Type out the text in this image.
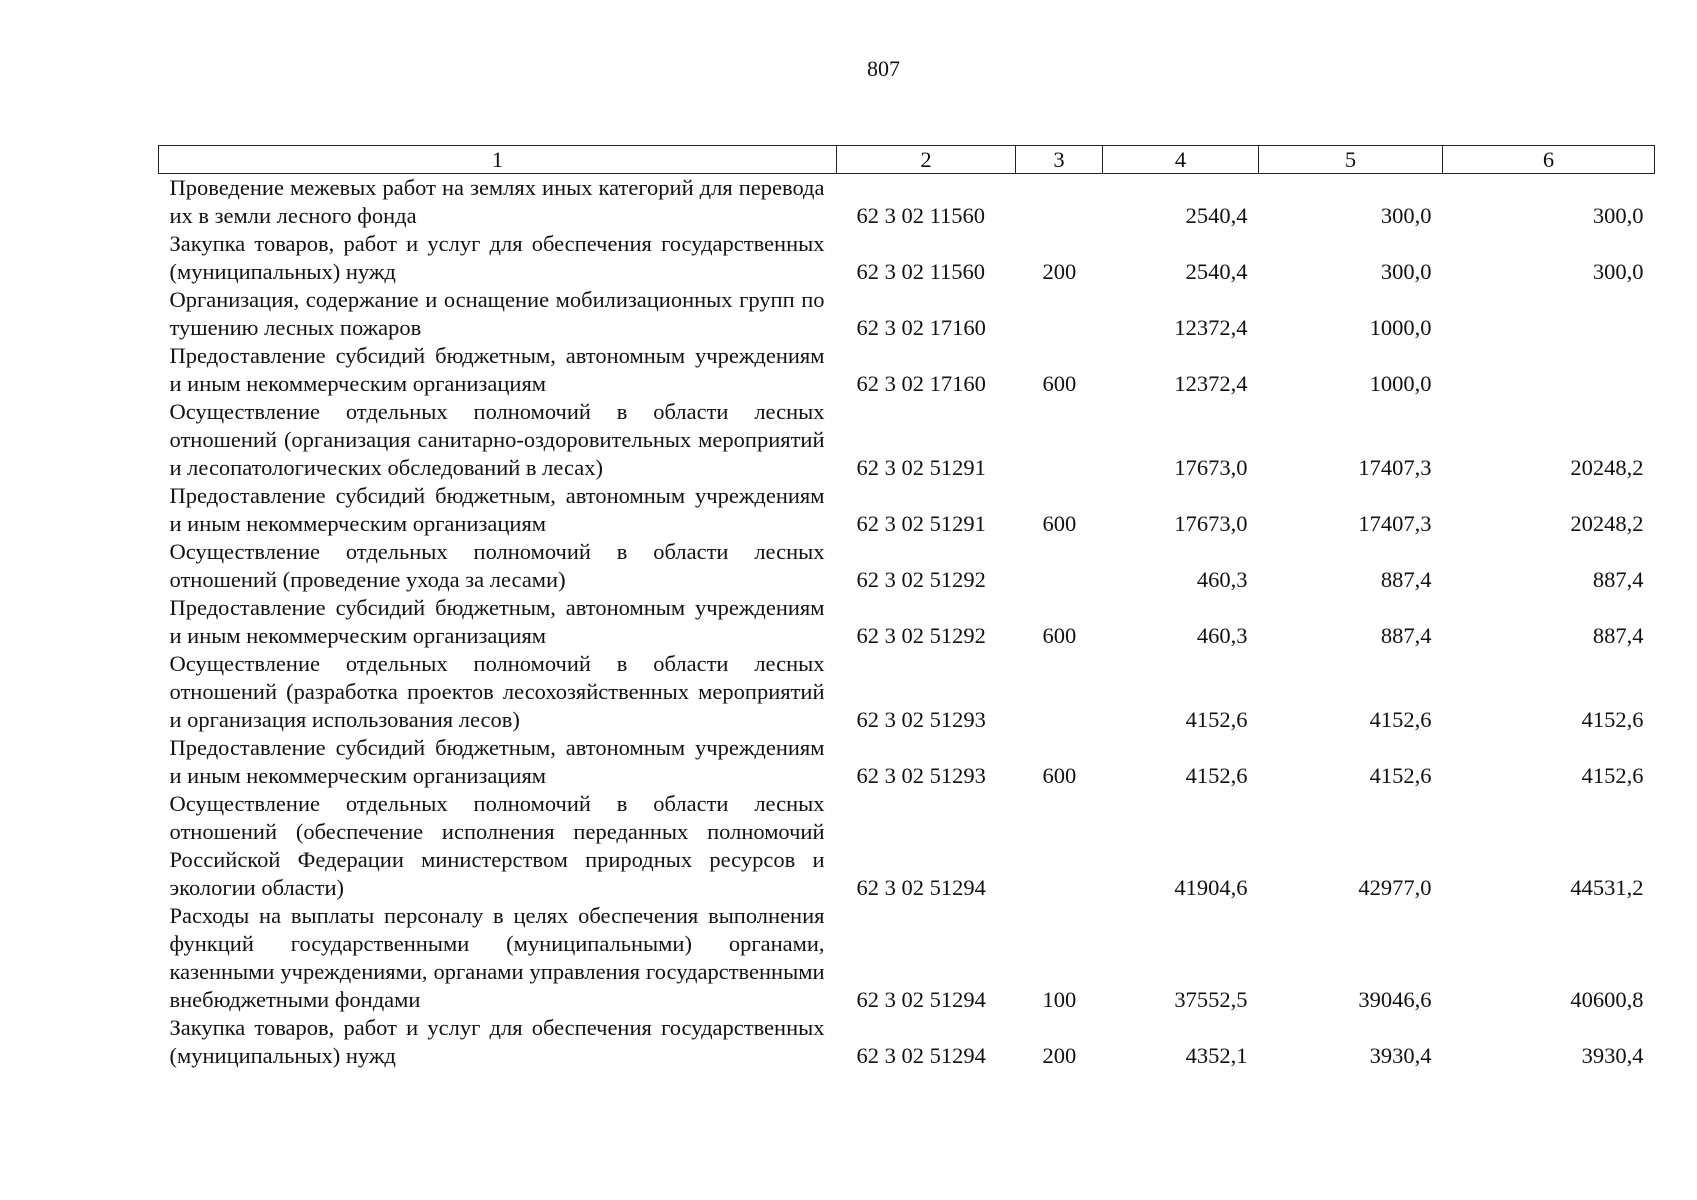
807
1	2	3	4	5	6
Проведение межевых работ на землях иных категорий для перевода их в земли лесного фонда	62 3 02 11560		2540,4	300,0	300,0
Закупка товаров, работ и услуг для обеспечения государственных (муниципальных) нужд	62 3 02 11560	200	2540,4	300,0	300,0
Организация, содержание и оснащение мобилизационных групп по тушению лесных пожаров	62 3 02 17160		12372,4	1000,0	
Предоставление субсидий бюджетным, автономным учреждениям и иным некоммерческим организациям	62 3 02 17160	600	12372,4	1000,0	
Осуществление отдельных полномочий в области лесных отношений (организация санитарно-оздоровительных мероприятий и лесопатологических обследований в лесах)	62 3 02 51291		17673,0	17407,3	20248,2
Предоставление субсидий бюджетным, автономным учреждениям и иным некоммерческим организациям	62 3 02 51291	600	17673,0	17407,3	20248,2
Осуществление отдельных полномочий в области лесных отношений (проведение ухода за лесами)	62 3 02 51292		460,3	887,4	887,4
Предоставление субсидий бюджетным, автономным учреждениям и иным некоммерческим организациям	62 3 02 51292	600	460,3	887,4	887,4
Осуществление отдельных полномочий в области лесных отношений (разработка проектов лесохозяйственных мероприятий и организация использования лесов)	62 3 02 51293		4152,6	4152,6	4152,6
Предоставление субсидий бюджетным, автономным учреждениям и иным некоммерческим организациям	62 3 02 51293	600	4152,6	4152,6	4152,6
Осуществление отдельных полномочий в области лесных отношений (обеспечение исполнения переданных полномочий Российской Федерации министерством природных ресурсов и экологии области)	62 3 02 51294		41904,6	42977,0	44531,2
Расходы на выплаты персоналу в целях обеспечения выполнения функций государственными (муниципальными) органами, казенными учреждениями, органами управления государственными внебюджетными фондами	62 3 02 51294	100	37552,5	39046,6	40600,8
Закупка товаров, работ и услуг для обеспечения государственных (муниципальных) нужд	62 3 02 51294	200	4352,1	3930,4	3930,4
